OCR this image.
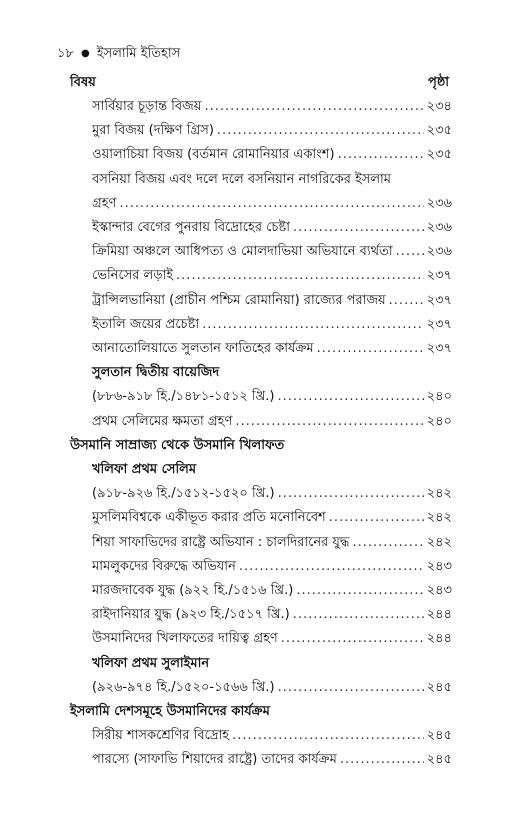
১৮ ● ইসলামি ইতিহাস
বিষয়	পৃষ্ঠা
সার্বিয়ার চূড়ান্ত বিজয় .....	২৩৪
মুরা বিজয় (দক্ষিণ গ্রিস) .....	২৩৫
ওয়ালাচিয়া বিজয় (বর্তমান রোমানিয়ার একাংশ) .....	২৩৫
বসনিয়া বিজয় এবং দলে দলে বসনিয়ান নাগরিকের ইসলাম
গ্রহণ .....	২৩৬
ইস্কান্দার বেগের পুনরায় বিদ্রোহের চেষ্টা .....	২৩৬
ক্রিমিয়া অঞ্চলে আধিপত্য ও মোলদাভিয়া অভিযানে ব্যর্থতা .....	২৩৬
ভেনিসের লড়াই .....	২৩৭
ট্রান্সিলভানিয়া (প্রাচীন পশ্চিম রোমানিয়া) রাজ্যের পরাজয় .....	২৩৭
ইতালি জয়ের প্রচেষ্টা .....	২৩৭
আনাতোলিয়াতে সুলতান ফাতিহের কার্যক্রম .....	২৩৭
সুলতান দ্বিতীয় বায়েজিদ
(৮৮৬-৯১৮ হি./১৪৮১-১৫১২ খ্রি.) .....	২৪০
প্রথম সেলিমের ক্ষমতা গ্রহণ .....	২৪০
উসমানি সাম্রাজ্য থেকে উসমানি খিলাফত
খলিফা প্রথম সেলিম
(৯১৮-৯২৬ হি./১৫১২-১৫২০ খ্রি.) .....	২৪২
মুসলিমবিশ্বকে একীভূত করার প্রতি মনোনিবেশ .....	২৪২
শিয়া সাফাভিদের রাষ্ট্রে অভিযান : চালদিরানের যুদ্ধ .....	২৪২
মামলুকদের বিরুদ্ধে অভিযান .....	২৪৩
মারজদাবেক যুদ্ধ (৯২২ হি./১৫১৬ খ্রি.) .....	২৪৩
রাইদানিয়ার যুদ্ধ (৯২৩ হি./১৫১৭ খ্রি.) .....	২৪৪
উসমানিদের খিলাফতের দায়িত্ব গ্রহণ .....	২৪৪
খলিফা প্রথম সুলাইমান
(৯২৬-৯৭৪ হি./১৫২০-১৫৬৬ খ্রি.) .....	২৪৫
ইসলামি দেশসমূহে উসমানিদের কার্যক্রম
সিরীয় শাসকশ্রেণির বিদ্রোহ .....	২৪৫
পারস্যে (সাফাভি শিয়াদের রাষ্ট্রে) তাদের কার্যক্রম .....	২৪৫
